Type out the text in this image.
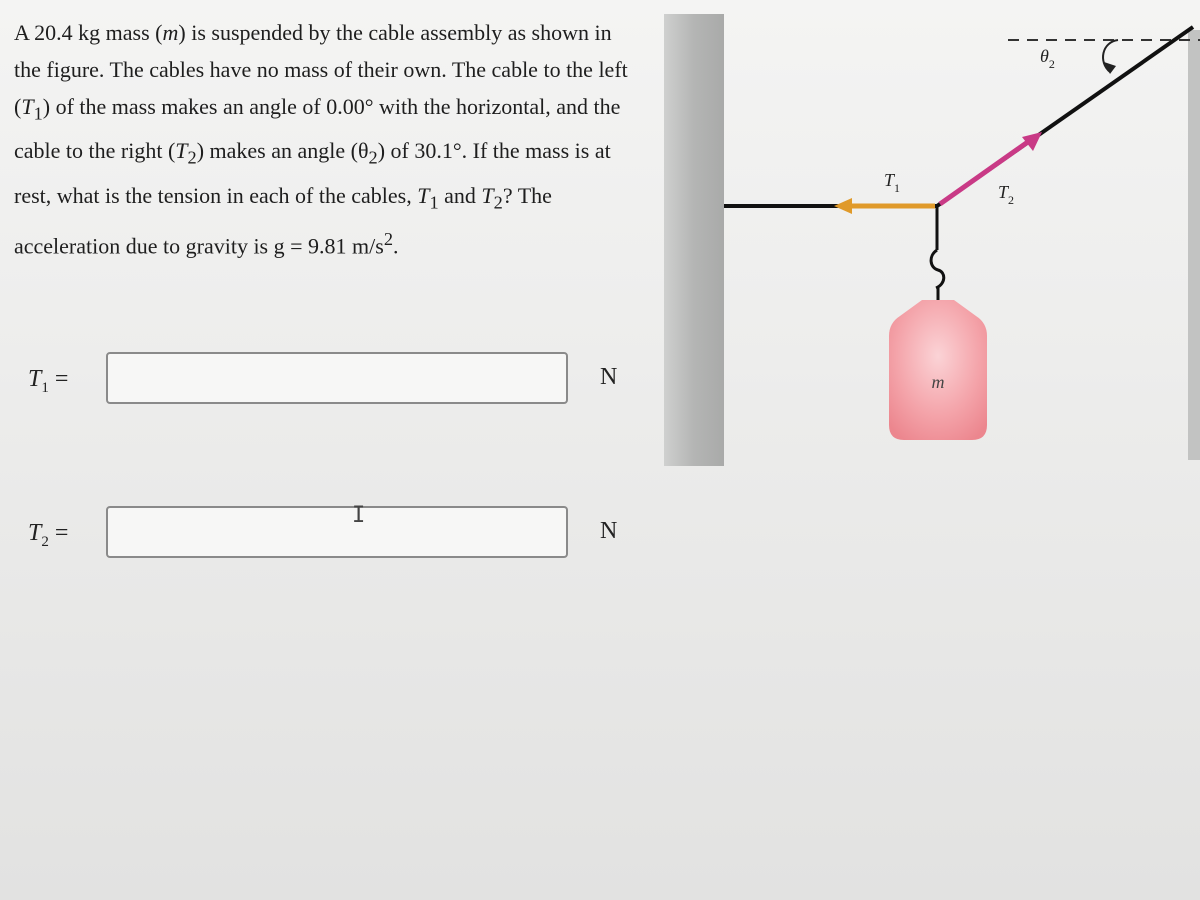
A 20.4 kg mass (m) is suspended by the cable assembly as shown in the figure. The cables have no mass of their own. The cable to the left $(T_1)$ of the mass makes an angle of 0.00° with the horizontal, and the cable to the right $(T_2)$ makes an angle $(\theta_2)$ of 30.1°. If the mass is at rest, what is the tension in each of the cables, $T_1$ and $T_2$? The acceleration due to gravity is g = 9.81 $m/s^2$.
$T_1$ =	N
$T_2$ =	N
I
m
$T_1$	$T_2$
$\theta_2$
